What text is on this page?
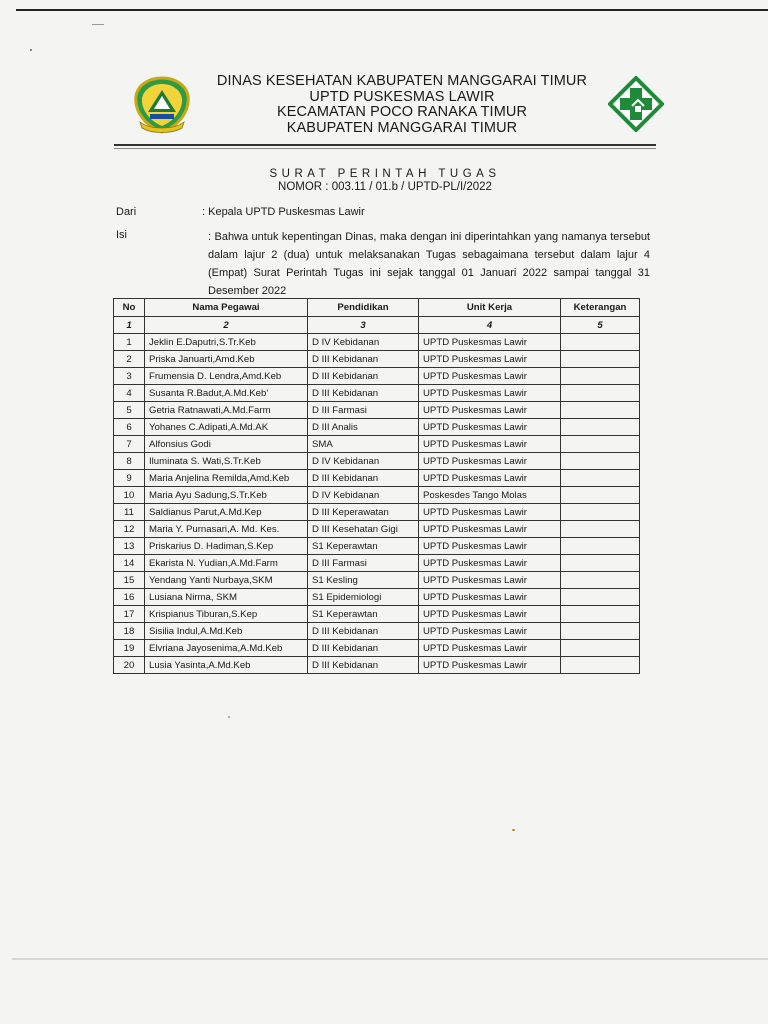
DINAS KESEHATAN KABUPATEN MANGGARAI TIMUR
UPTD PUSKESMAS LAWIR
KECAMATAN POCO RANAKA TIMUR
KABUPATEN MANGGARAI TIMUR
SURAT PERINTAH TUGAS
NOMOR : 003.11 / 01.b / UPTD-PL/I/2022
Dari	: Kepala UPTD Puskesmas Lawir
Isi	: Bahwa untuk kepentingan Dinas, maka dengan ini diperintahkan yang namanya tersebut dalam lajur 2 (dua) untuk melaksanakan Tugas sebagaimana tersebut dalam lajur 4 (Empat) Surat Perintah Tugas ini sejak tanggal 01 Januari 2022 sampai tanggal 31 Desember 2022
No	Nama Pegawai	Pendidikan	Unit Kerja	Keterangan
1	2	3	4	5
1	Jeklin E.Daputri,S.Tr.Keb	D IV Kebidanan	UPTD Puskesmas Lawir	
2	Priska Januarti,Amd.Keb	D III Kebidanan	UPTD Puskesmas Lawir	
3	Frumensia D. Lendra,Amd.Keb	D III Kebidanan	UPTD Puskesmas Lawir	
4	Susanta R.Badut,A.Md.Keb'	D III Kebidanan	UPTD Puskesmas Lawir	
5	Getria Ratnawati,A.Md.Farm	D III Farmasi	UPTD Puskesmas Lawir	
6	Yohanes C.Adipati,A.Md.AK	D III Analis	UPTD Puskesmas Lawir	
7	Alfonsius Godi	SMA	UPTD Puskesmas Lawir	
8	Iluminata S. Wati,S.Tr.Keb	D IV Kebidanan	UPTD Puskesmas Lawir	
9	Maria Anjelina Remilda,Amd.Keb	D III Kebidanan	UPTD Puskesmas Lawir	
10	Maria Ayu Sadung,S.Tr.Keb	D IV Kebidanan	Poskesdes Tango Molas	
11	Saldianus Parut,A.Md.Kep	D III Keperawatan	UPTD Puskesmas Lawir	
12	Maria Y. Purnasari,A. Md. Kes.	D III Kesehatan Gigi	UPTD Puskesmas Lawir	
13	Priskarius D. Hadiman,S.Kep	S1 Keperawtan	UPTD Puskesmas Lawir	
14	Ekarista N. Yudian,A.Md.Farm	D III Farmasi	UPTD Puskesmas Lawir	
15	Yendang Yanti Nurbaya,SKM	S1 Kesling	UPTD Puskesmas Lawir	
16	Lusiana Nirma, SKM	S1 Epidemiologi	UPTD Puskesmas Lawir	
17	Krispianus Tiburan,S.Kep	S1 Keperawtan	UPTD Puskesmas Lawir	
18	Sisilia Indul,A.Md.Keb	D III Kebidanan	UPTD Puskesmas Lawir	
19	Elvriana Jayosenima,A.Md.Keb	D III Kebidanan	UPTD Puskesmas Lawir	
20	Lusia Yasinta,A.Md.Keb	D III Kebidanan	UPTD Puskesmas Lawir	
